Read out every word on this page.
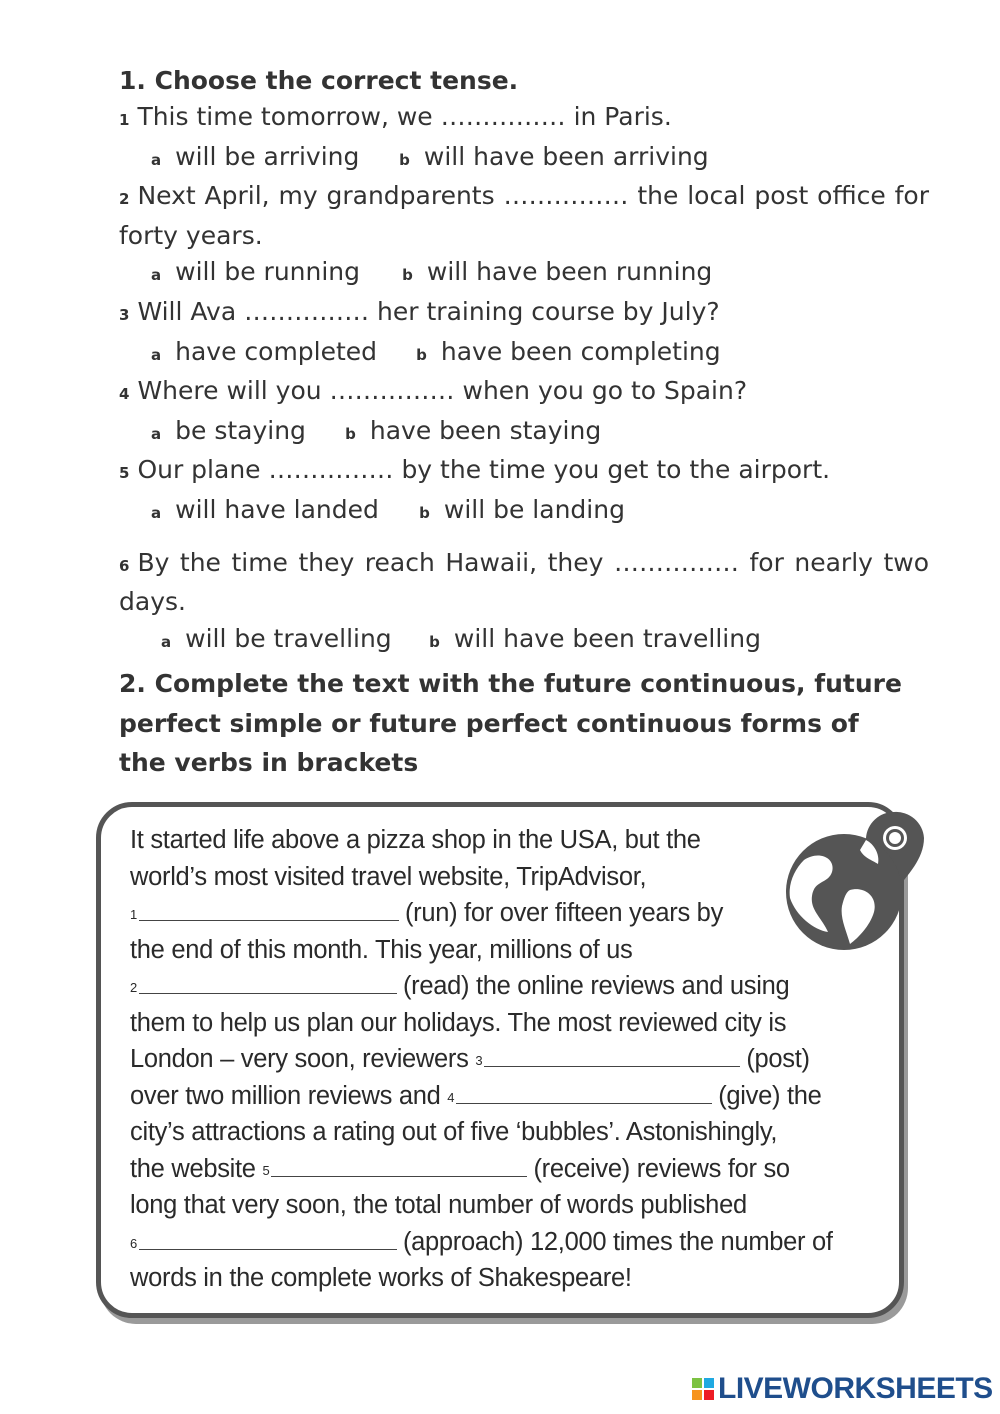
1. Choose the correct tense.
1 This time tomorrow, we …………… in Paris.
a will be arriving	b will have been arriving
2 Next April, my grandparents …………… the local post office for forty years.
a will be running	b will have been running
3 Will Ava …………… her training course by July?
a have completed	b have been completing
4 Where will you …………… when you go to Spain?
a be staying	b have been staying
5 Our plane …………… by the time you get to the airport.
a will have landed	b will be landing
6 By the time they reach Hawaii, they …………… for nearly two days.
a will be travelling b will have been travelling
2. Complete the text with the future continuous, future perfect simple or future perfect continuous forms of the verbs in brackets
It started life above a pizza shop in the USA, but the
world’s most visited travel website, TripAdvisor,
$^1$	(run) for over fifteen years by
the end of this month. This year, millions of us
$^2$	(read) the online reviews and using
them to help us plan our holidays. The most reviewed city is
London – very soon, reviewers $^3$	(post)
over two million reviews and $^4$	(give) the
city’s attractions a rating out of five ‘bubbles’. Astonishingly,
the website $^5$	(receive) reviews for so
long that very soon, the total number of words published
$^6$	(approach) 12,000 times the number of
words in the complete works of Shakespeare!
LIVEWORKSHEETS
